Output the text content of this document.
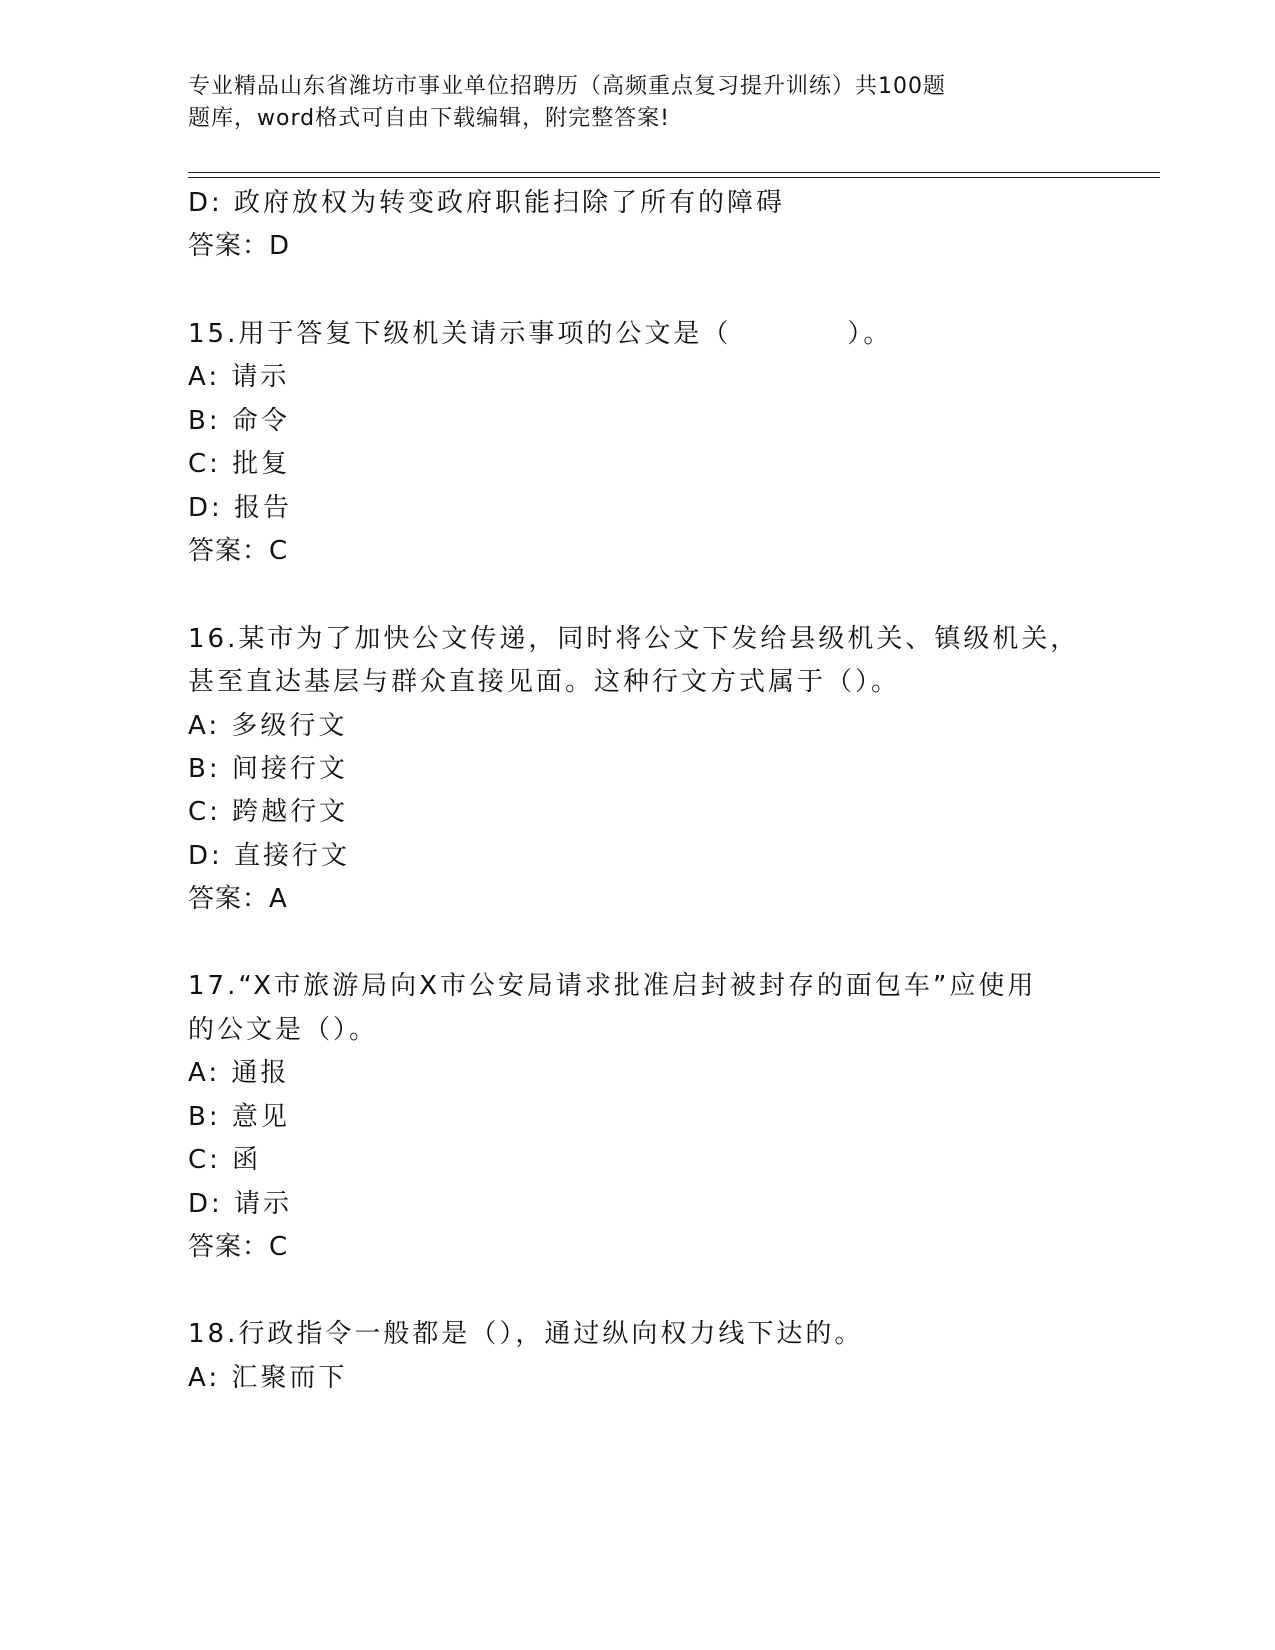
专业精品山东省潍坊市事业单位招聘历（高频重点复习提升训练）共100题
题库，word格式可自由下载编辑，附完整答案!
D: 政府放权为转变政府职能扫除了所有的障碍
答案：D
15.用于答复下级机关请示事项的公文是（　　　　）。
A: 请示
B: 命令
C: 批复
D: 报告
答案：C
16.某市为了加快公文传递，同时将公文下发给县级机关、镇级机关，
甚至直达基层与群众直接见面。这种行文方式属于（）。
A: 多级行文
B: 间接行文
C: 跨越行文
D: 直接行文
答案：A
17.“X市旅游局向X市公安局请求批准启封被封存的面包车”应使用
的公文是（）。
A: 通报
B: 意见
C: 函
D: 请示
答案：C
18.行政指令一般都是（），通过纵向权力线下达的。
A: 汇聚而下
